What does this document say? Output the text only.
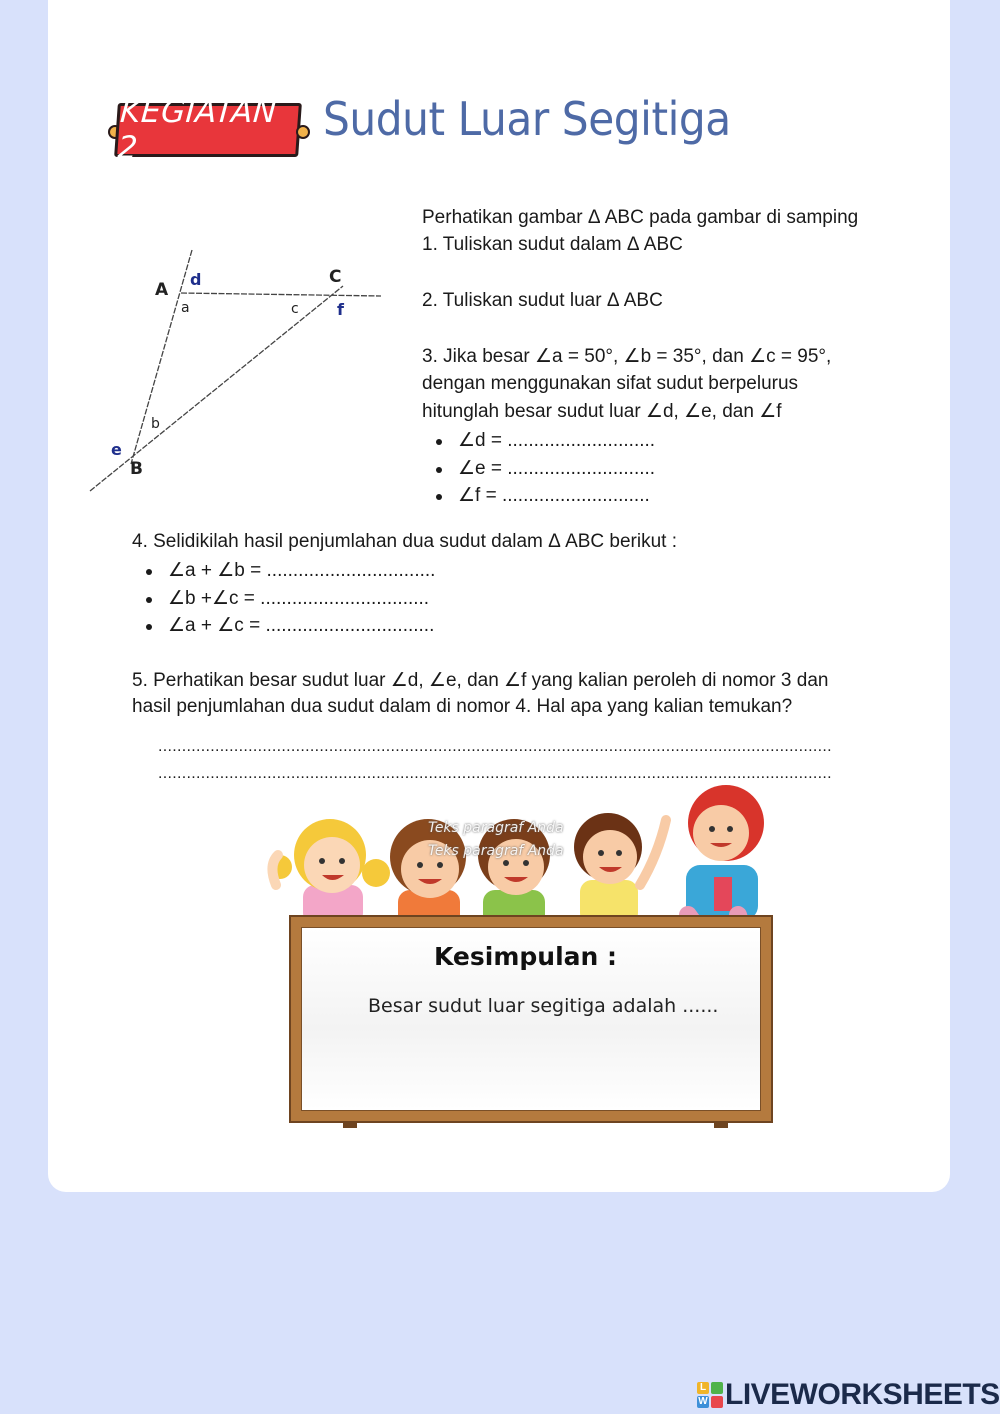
KEGIATAN 2
Sudut Luar Segitiga
A
d
a
C
c f
b
e
B
Perhatikan gambar Δ ABC pada gambar di samping
1. Tuliskan sudut dalam Δ ABC
2. Tuliskan sudut luar Δ ABC
3. Jika besar ∠a = 50°, ∠b = 35°, dan ∠c = 95°,
dengan menggunakan sifat sudut berpelurus
hitunglah besar sudut luar ∠d, ∠e, dan ∠f
∠d = ............................
∠e = ............................
∠f = ............................
4. Selidikilah hasil penjumlahan dua sudut dalam Δ ABC berikut :
∠a + ∠b = ................................
∠b +∠c = ................................
∠a + ∠c = ................................
5. Perhatikan besar sudut luar ∠d, ∠e, dan ∠f yang kalian peroleh di nomor 3 dan
hasil penjumlahan dua sudut dalam di nomor 4. Hal apa yang kalian temukan?
..............................................................................................................................................
..............................................................................................................................................
Teks paragraf Anda
Teks paragraf Anda
Kesimpulan :
Besar sudut luar segitiga adalah ......
L
W LIVEWORKSHEETS
